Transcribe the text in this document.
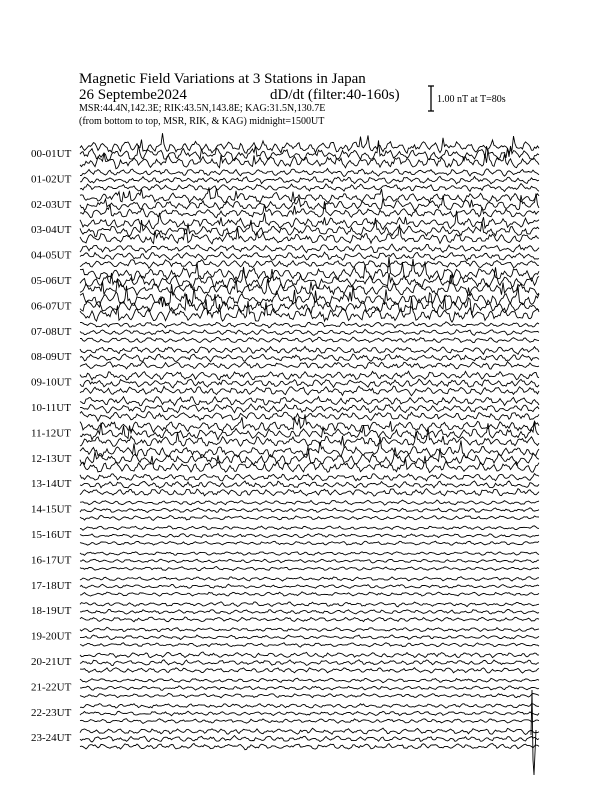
Magnetic Field Variations at 3 Stations in Japan
26 Septembe2024	dD/dt (filter:40-160s)
MSR:44.4N,142.3E; RIK:43.5N,143.8E; KAG:31.5N,130.7E
(from bottom to top, MSR, RIK, & KAG) midnight=1500UT
1.00 nT at T=80s
00-01UT
01-02UT
02-03UT
03-04UT
04-05UT
05-06UT
06-07UT
07-08UT
08-09UT
09-10UT
10-11UT
11-12UT
12-13UT
13-14UT
14-15UT
15-16UT
16-17UT
17-18UT
18-19UT
19-20UT
20-21UT
21-22UT
22-23UT
23-24UT
